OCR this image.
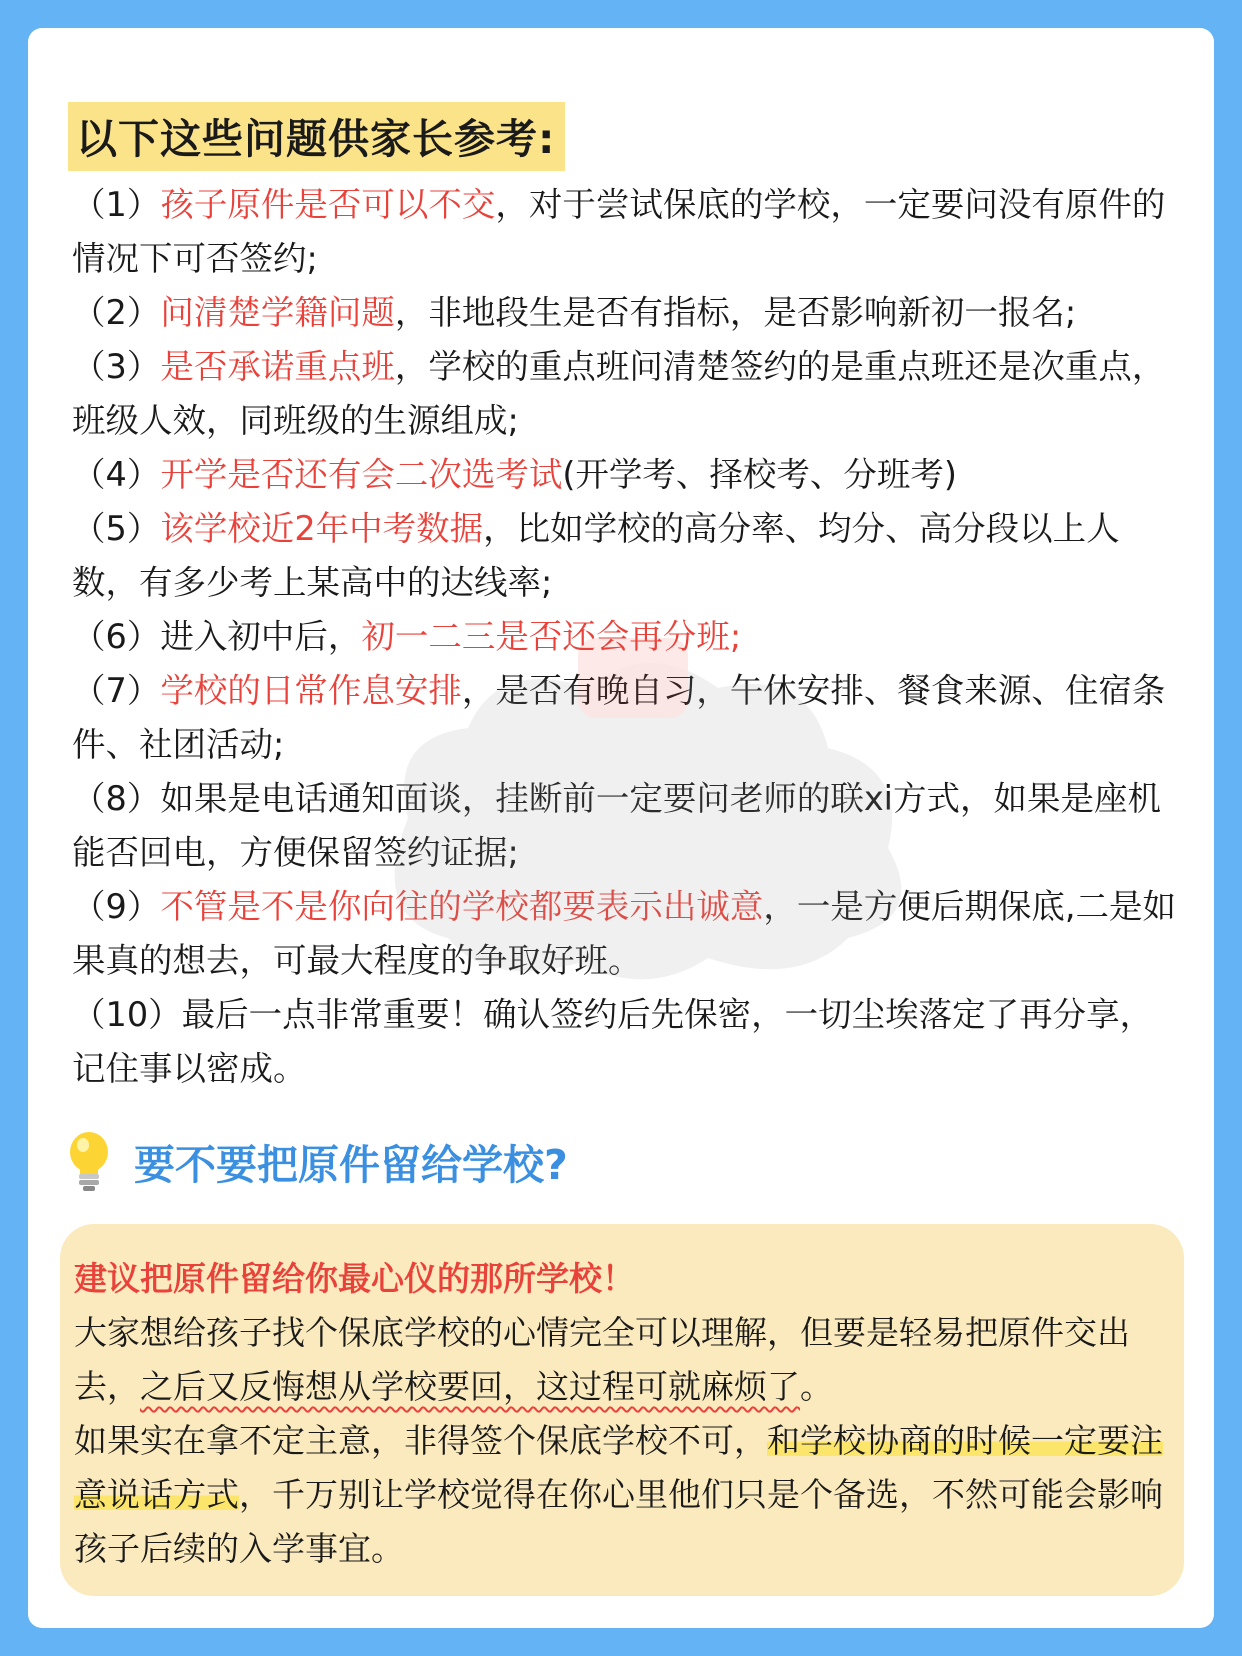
以下这些问题供家长参考:

（1）孩子原件是否可以不交，对于尝试保底的学校，一定要问没有原件的情况下可否签约;

（2）问清楚学籍问题，非地段生是否有指标，是否影响新初一报名;

（3）是否承诺重点班，学校的重点班问清楚签约的是重点班还是次重点，班级人效，同班级的生源组成;

（4）开学是否还有会二次选考试(开学考、择校考、分班考)

（5）该学校近2年中考数据，比如学校的高分率、均分、高分段以上人数，有多少考上某高中的达线率;

（6）进入初中后，初一二三是否还会再分班;

（7）学校的日常作息安排，是否有晚自习，午休安排、餐食来源、住宿条件、社团活动;

（8）如果是电话通知面谈，挂断前一定要问老师的联xi方式，如果是座机能否回电，方便保留签约证据;

（9）不管是不是你向往的学校都要表示出诚意，一是方便后期保底,二是如果真的想去，可最大程度的争取好班。

（10）最后一点非常重要！确认签约后先保密，一切尘埃落定了再分享，记住事以密成。

要不要把原件留给学校?
建议把原件留给你最心仪的那所学校！
大家想给孩子找个保底学校的心情完全可以理解，但要是轻易把原件交出去，之后又反悔想从学校要回，这过程可就麻烦了。
如果实在拿不定主意，非得签个保底学校不可，和学校协商的时候一定要注意说话方式，千万别让学校觉得在你心里他们只是个备选，不然可能会影响孩子后续的入学事宜。
